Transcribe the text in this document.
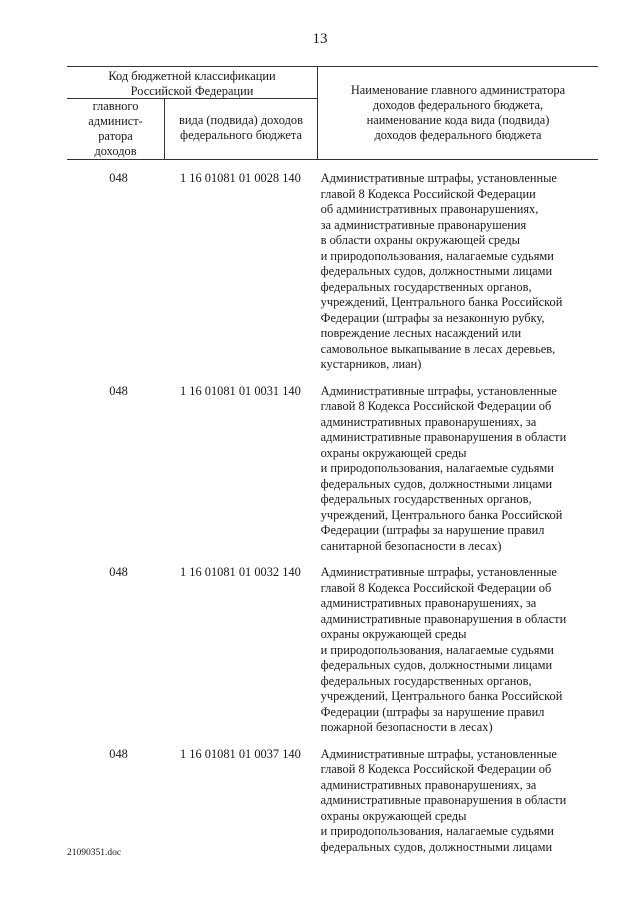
13
Код бюджетной классификации
Российской Федерации
главного
админист-
ратора
доходов
вида (подвида) доходов
федерального бюджета
Наименование главного администратора
доходов федерального бюджета,
наименование кода вида (подвида)
доходов федерального бюджета
048	1 16 01081 01 0028 140	Административные штрафы, установленные
главой 8 Кодекса Российской Федерации
об административных правонарушениях,
за административные правонарушения
в области охраны окружающей среды
и природопользования, налагаемые судьями
федеральных судов, должностными лицами
федеральных государственных органов,
учреждений, Центрального банка Российской
Федерации (штрафы за незаконную рубку,
повреждение лесных насаждений или
самовольное выкапывание в лесах деревьев,
кустарников, лиан)
048	1 16 01081 01 0031 140	Административные штрафы, установленные
главой 8 Кодекса Российской Федерации об
административных правонарушениях, за
административные правонарушения в области
охраны окружающей среды
и природопользования, налагаемые судьями
федеральных судов, должностными лицами
федеральных государственных органов,
учреждений, Центрального банка Российской
Федерации (штрафы за нарушение правил
санитарной безопасности в лесах)
048	1 16 01081 01 0032 140	Административные штрафы, установленные
главой 8 Кодекса Российской Федерации об
административных правонарушениях, за
административные правонарушения в области
охраны окружающей среды
и природопользования, налагаемые судьями
федеральных судов, должностными лицами
федеральных государственных органов,
учреждений, Центрального банка Российской
Федерации (штрафы за нарушение правил
пожарной безопасности в лесах)
048	1 16 01081 01 0037 140	Административные штрафы, установленные
главой 8 Кодекса Российской Федерации об
административных правонарушениях, за
административные правонарушения в области
охраны окружающей среды
и природопользования, налагаемые судьями
федеральных судов, должностными лицами
21090351.doc
